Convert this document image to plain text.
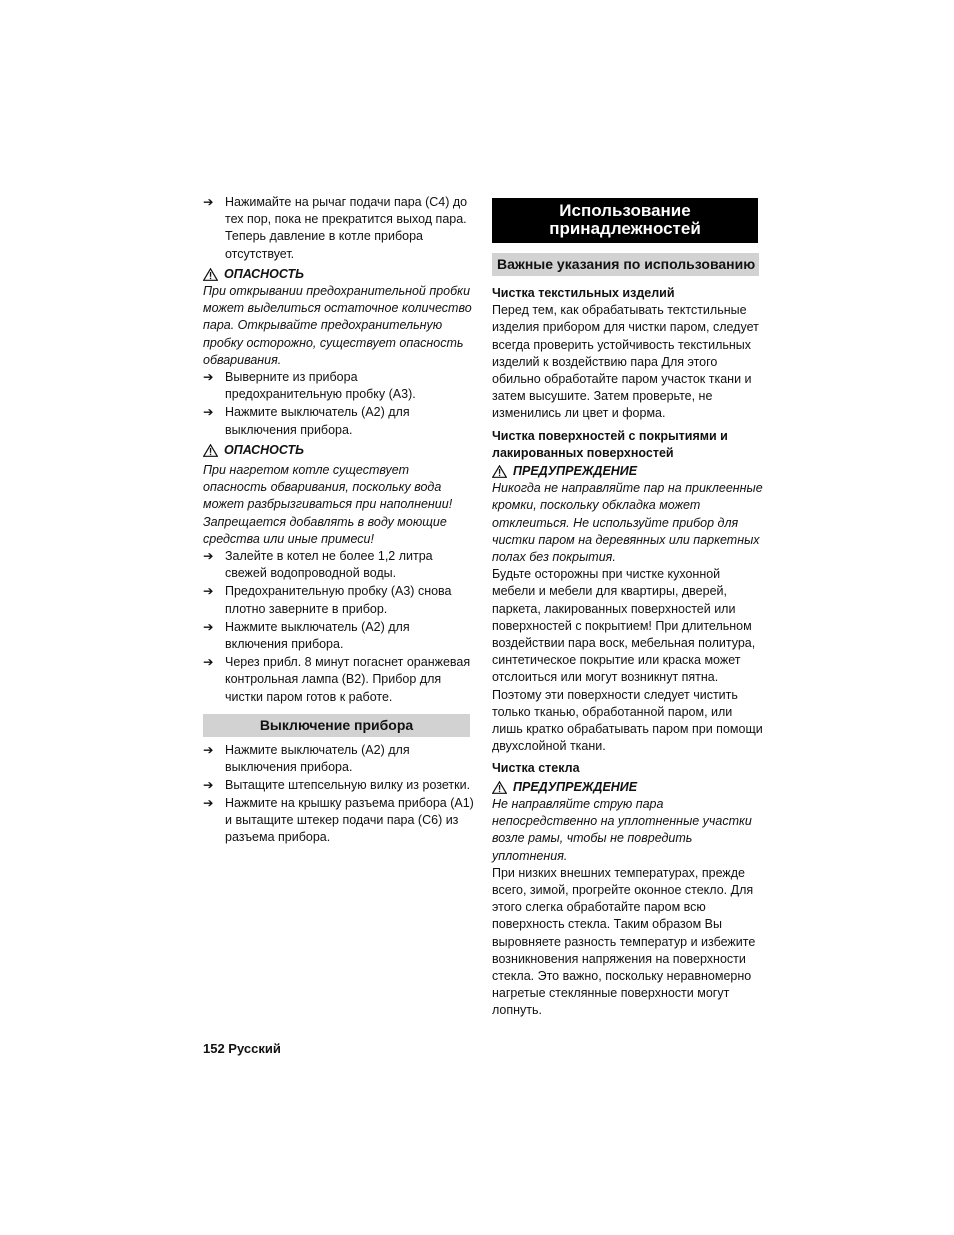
➔ Нажимайте на рычаг подачи пара (C4) до
тех пор, пока не прекратится выход пара.
Теперь давление в котле прибора
отсутствует.
ОПАСНОСТЬ
При открывании предохранительной пробки
может выделиться остаточное количество
пара. Открывайте предохранительную
пробку осторожно, существует опасность
обваривания.
➔ Выверните из прибора
предохранительную пробку (A3).
➔ Нажмите выключатель (A2) для
выключения прибора.
ОПАСНОСТЬ
При нагретом котле существует
опасность обваривания, поскольку вода
может разбрызгиваться при наполнении!
Запрещается добавлять в воду моющие
средства или иные примеси!
➔ Залейте в котел не более 1,2 литра
свежей водопроводной воды.
➔ Предохранительную пробку (A3) снова
плотно заверните в прибор.
➔ Нажмите выключатель (A2) для
включения прибора.
➔ Через прибл. 8 минут погаснет оранжевая
контрольная лампа (B2). Прибор для
чистки паром готов к работе.
Выключение прибора
➔ Нажмите выключатель (A2) для
выключения прибора.
➔ Вытащите штепсельную вилку из розетки.
➔ Нажмите на крышку разъема прибора (A1)
и вытащите штекер подачи пара (C6) из
разъема прибора.
Использование
принадлежностей
Важные указания по использованию
Чистка текстильных изделий
Перед тем, как обрабатывать тектстильные
изделия прибором для чистки паром, следует
всегда проверить устойчивость текстильных
изделий к воздействию пара Для этого
обильно обработайте паром участок ткани и
затем высушите. Затем проверьте, не
изменились ли цвет и форма.
Чистка поверхностей с покрытиями и
лакированных поверхностей
ПРЕДУПРЕЖДЕНИЕ
Никогда не направляйте пар на приклеенные
кромки, поскольку обкладка может
отклеиться. Не используйте прибор для
чистки паром на деревянных или паркетных
полах без покрытия.
Будьте осторожны при чистке кухонной
мебели и мебели для квартиры, дверей,
паркета, лакированных поверхностей или
поверхностей с покрытием! При длительном
воздействии пара воск, мебельная политура,
синтетическое покрытие или краска может
отслоиться или могут возникнут пятна.
Поэтому эти поверхности следует чистить
только тканью, обработанной паром, или
лишь кратко обрабатывать паром при помощи
двухслойной ткани.
Чистка стекла
ПРЕДУПРЕЖДЕНИЕ
Не направляйте струю пара
непосредственно на уплотненные участки
возле рамы, чтобы не повредить
уплотнения.
При низких внешних температурах, прежде
всего, зимой, прогрейте оконное стекло. Для
этого слегка обработайте паром всю
поверхность стекла. Таким образом Вы
выровняете разность температур и избежите
возникновения напряжения на поверхности
стекла. Это важно, поскольку неравномерно
нагретые стеклянные поверхности могут
лопнуть.
152 Русский
